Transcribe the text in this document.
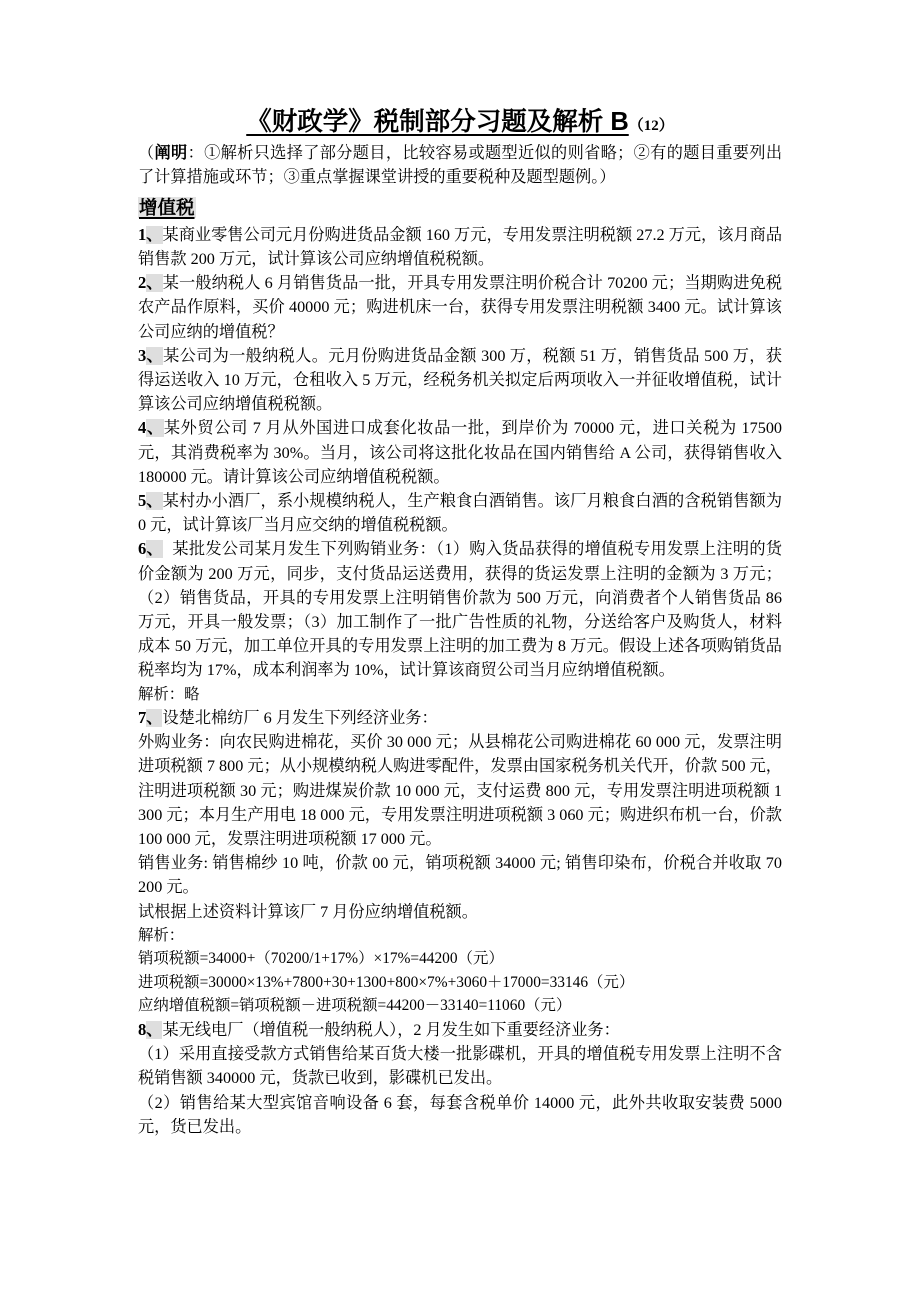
《财政学》税制部分习题及解析 B（12）

（阐明：①解析只选择了部分题目，比较容易或题型近似的则省略；②有的题目重要列出了计算措施或环节；③重点掌握课堂讲授的重要税种及题型题例。）

增值税

1、某商业零售公司元月份购进货品金额 160 万元，专用发票注明税额 27.2 万元，该月商品销售款 200 万元，试计算该公司应纳增值税税额。

2、某一般纳税人 6 月销售货品一批，开具专用发票注明价税合计 70200 元；当期购进免税农产品作原料，买价 40000 元；购进机床一台，获得专用发票注明税额 3400 元。试计算该公司应纳的增值税？

3、某公司为一般纳税人。元月份购进货品金额 300 万，税额 51 万，销售货品 500 万，获得运送收入 10 万元，仓租收入 5 万元，经税务机关拟定后两项收入一并征收增值税，试计算该公司应纳增值税税额。

4、某外贸公司 7 月从外国进口成套化妆品一批，到岸价为 70000 元，进口关税为 17500 元，其消费税率为 30%。当月，该公司将这批化妆品在国内销售给 A 公司，获得销售收入 180000 元。请计算该公司应纳增值税税额。

5、某村办小酒厂，系小规模纳税人，生产粮食白酒销售。该厂月粮食白酒的含税销售额为 0 元，试计算该厂当月应交纳的增值税税额。

6、 某批发公司某月发生下列购销业务：（1）购入货品获得的增值税专用发票上注明的货价金额为 200 万元，同步，支付货品运送费用，获得的货运发票上注明的金额为 3 万元；（2）销售货品，开具的专用发票上注明销售价款为 500 万元，向消费者个人销售货品 86 万元，开具一般发票；（3）加工制作了一批广告性质的礼物，分送给客户及购货人，材料成本 50 万元，加工单位开具的专用发票上注明的加工费为 8 万元。假设上述各项购销货品税率均为 17%，成本利润率为 10%，试计算该商贸公司当月应纳增值税额。

解析：略

7、设楚北棉纺厂 6 月发生下列经济业务：

外购业务：向农民购进棉花，买价 30 000 元；从县棉花公司购进棉花 60 000 元，发票注明进项税额 7 800 元；从小规模纳税人购进零配件，发票由国家税务机关代开，价款 500 元，注明进项税额 30 元；购进煤炭价款 10 000 元，支付运费 800 元，专用发票注明进项税额 1 300 元；本月生产用电 18 000 元，专用发票注明进项税额 3 060 元；购进织布机一台，价款 100 000 元，发票注明进项税额 17 000 元。

销售业务: 销售棉纱 10 吨，价款 00 元，销项税额 34000 元; 销售印染布，价税合并收取 70 200 元。

试根据上述资料计算该厂 7 月份应纳增值税额。

解析：

销项税额=34000+（70200/1+17%）×17%=44200（元）

进项税额=30000×13%+7800+30+1300+800×7%+3060＋17000=33146（元）

应纳增值税额=销项税额－进项税额=44200－33140=11060（元）

8、某无线电厂（增值税一般纳税人），2 月发生如下重要经济业务：

（1）采用直接受款方式销售给某百货大楼一批影碟机，开具的增值税专用发票上注明不含税销售额 340000 元，货款已收到，影碟机已发出。

（2）销售给某大型宾馆音响设备 6 套，每套含税单价 14000 元，此外共收取安装费 5000 元，货已发出。
